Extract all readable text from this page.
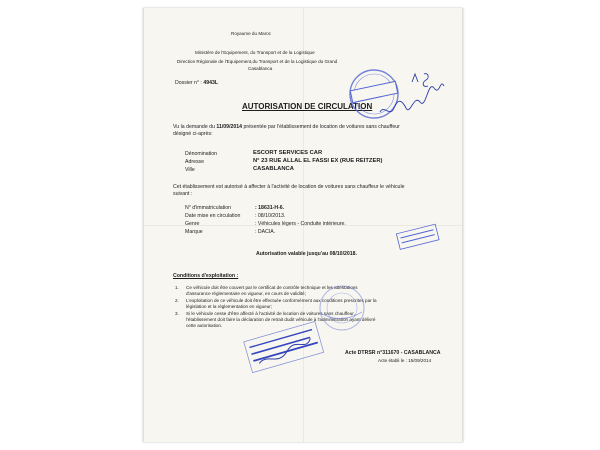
Royaume du Maroc
Ministère de l'Equipement, du Transport et de la Logistique
Direction Régionale de l'Equipement,du Transport et de la Logistique du Grand
Casablanca
Dossier n° : 4943L
AUTORISATION DE CIRCULATION
Vu la demande du 11/09/2014 présentée par l'établissement de location de voitures sans chauffeur
désigné ci-après:
Dénomination	ESCORT SERVICES CAR
Adresse	N° 23 RUE ALLAL EL FASSI EX (RUE REITZER)
Ville	CASABLANCA
Cet établissement est autorisé à affecter à l'activité de location de voitures sans chauffeur le véhicule
suivant :
N° d'immatriculation	: 18631-H-6.
Date mise en circulation	: 08/10/2013.
Genre	: Véhicules légers - Conduite intérieure.
Marque	: DACIA.
Autorisation valable jusqu'au 08/10/2018.
Conditions d'exploitation :
1. Ce véhicule doit être couvert par le certificat de contrôle technique et les attestations
d'assurance réglementaire en vigueur, en cours de validité;
2. L'exploitation de ce véhicule doit être effectuée conformément aux conditions prescrites par la
législation et la réglementation en vigueur;
3. Si le véhicule cesse d'être affecté à l'activité de location de voitures sans chauffeur,
l'établissement doit faire la déclaration de retrait dudit véhicule à l'administration ayant délivré
cette autorisation.
Acte DTRSR n°311670 - CASABLANCA
Acte établi le : 15/09/2014
